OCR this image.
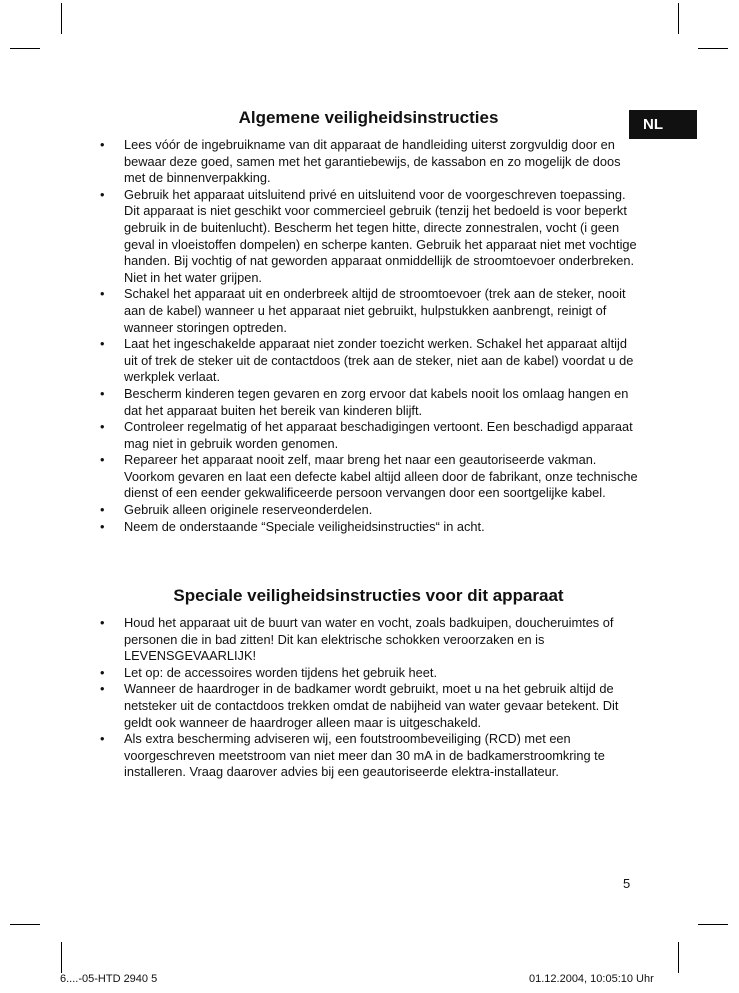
NL
Algemene veiligheidsinstructies
• Lees vóór de ingebruikname van dit apparaat de handleiding uiterst zorgvuldig door en bewaar deze goed, samen met het garantiebewijs, de kassabon en zo mogelijk de doos met de binnenverpakking.
• Gebruik het apparaat uitsluitend privé en uitsluitend voor de voorgeschreven toepassing. Dit apparaat is niet geschikt voor commercieel gebruik (tenzij het bedoeld is voor beperkt gebruik in de buitenlucht). Bescherm het tegen hitte, directe zonnestralen, vocht (i geen geval in vloeistoffen dompelen) en scherpe kanten. Gebruik het apparaat niet met vochtige handen. Bij vochtig of nat geworden apparaat onmiddellijk de stroomtoevoer onderbreken. Niet in het water grijpen.
• Schakel het apparaat uit en onderbreek altijd de stroomtoevoer (trek aan de steker, nooit aan de kabel) wanneer u het apparaat niet gebruikt, hulpstukken aanbrengt, reinigt of wanneer storingen optreden.
• Laat het ingeschakelde apparaat niet zonder toezicht werken. Schakel het apparaat altijd uit of trek de steker uit de contactdoos (trek aan de steker, niet aan de kabel) voordat u de werkplek verlaat.
• Bescherm kinderen tegen gevaren en zorg ervoor dat kabels nooit los omlaag hangen en dat het apparaat buiten het bereik van kinderen blijft.
• Controleer regelmatig of het apparaat beschadigingen vertoont. Een beschadigd apparaat mag niet in gebruik worden genomen.
• Repareer het apparaat nooit zelf, maar breng het naar een geautoriseerde vakman. Voorkom gevaren en laat een defecte kabel altijd alleen door de fabrikant, onze technische dienst of een eender gekwalificeerde persoon vervangen door een soortgelijke kabel.
• Gebruik alleen originele reserveonderdelen.
• Neem de onderstaande “Speciale veiligheidsinstructies“ in acht.
Speciale veiligheidsinstructies voor dit apparaat
• Houd het apparaat uit de buurt van water en vocht, zoals badkuipen, doucheruimtes of personen die in bad zitten! Dit kan elektrische schokken veroorzaken en is LEVENSGEVAARLIJK!
• Let op: de accessoires worden tijdens het gebruik heet.
• Wanneer de haardroger in de badkamer wordt gebruikt, moet u na het gebruik altijd de netsteker uit de contactdoos trekken omdat de nabijheid van water gevaar betekent. Dit geldt ook wanneer de haardroger alleen maar is uitgeschakeld.
• Als extra bescherming adviseren wij, een foutstroombeveiliging (RCD) met een voorgeschreven meetstroom van niet meer dan 30 mA in de badkamerstroomkring te installeren. Vraag daarover advies bij een geautoriseerde elektra-installateur.
5
6....-05-HTD 2940 5	01.12.2004, 10:05:10 Uhr
